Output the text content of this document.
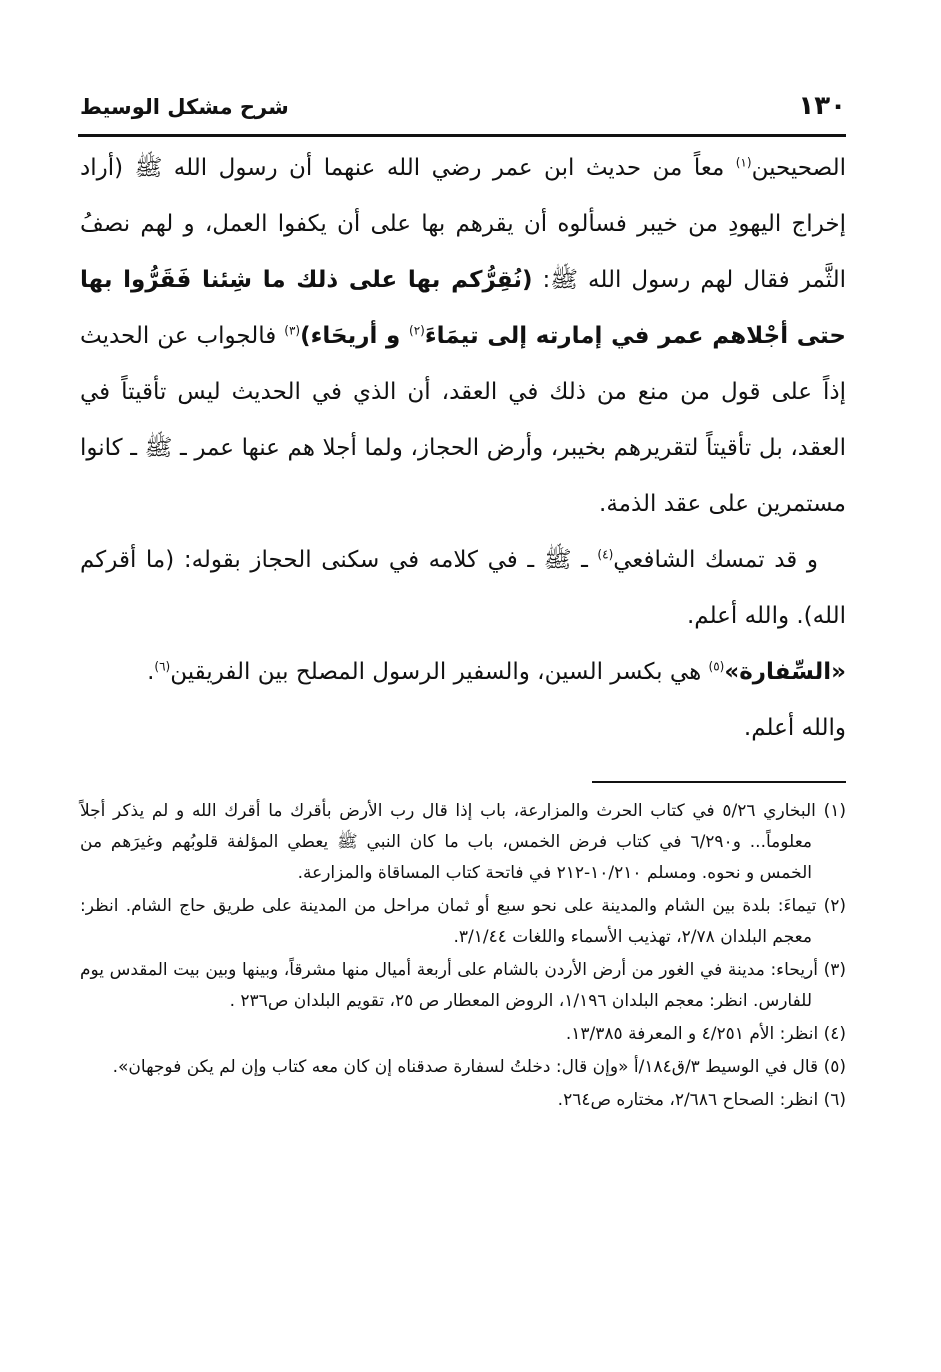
شرح مشكل الوسيط	١٣٠

الصحيحين$^{(١)}$ معاً من حديث ابن عمر رضي الله عنهما أن رسول الله ﷺ (أراد إخراج اليهودِ من خيبر فسألوه أن يقرهم بها على أن يكفوا العمل، و لهم نصفُ الثَّمر فقال لهم رسول الله ﷺ: (نُقِرُّكم بها على ذلك ما شِئنا فَقَرُّوا بها حتى أجْلاهم عمر في إمارته إلى تيمَاءَ$^{(٢)}$ و أريحَاء)$^{(٣)}$ فالجواب عن الحديث إذاً على قول من منع من ذلك في العقد، أن الذي في الحديث ليس تأقيتاً في العقد، بل تأقيتاً لتقريرهم بخيبر، وأرض الحجاز، ولما أجلا هم عنها عمر ـ ﷺ ـ كانوا مستمرين على عقد الذمة.

و قد تمسك الشافعي$^{(٤)}$ ـ ﷺ ـ في كلامه في سكنى الحجاز بقوله: (ما أقركم الله). والله أعلم.

«السِّفارة»$^{(٥)}$ هي بكسر السين، والسفير الرسول المصلح بين الفريقين$^{(٦)}$.

والله أعلم.

(١) البخاري ٥/٢٦ في كتاب الحرث والمزارعة، باب إذا قال رب الأرض بأقرك ما أقرك الله و لم يذكر أجلاً معلوماً... و٦/٢٩٠ في كتاب فرض الخمس، باب ما كان النبي ﷺ يعطي المؤلفة قلوبُهم وغيرَهم من الخمس و نحوه. ومسلم ١٠/٢١٠-٢١٢ في فاتحة كتاب المساقاة والمزارعة.

(٢) تيماءَ: بلدة بين الشام والمدينة على نحو سبع أو ثمان مراحل من المدينة على طريق حاج الشام. انظر: معجم البلدان ٢/٧٨، تهذيب الأسماء واللغات ٣/١/٤٤.

(٣) أريحاء: مدينة في الغور من أرض الأردن بالشام على أربعة أميال منها مشرقاً، وبينها وبين بيت المقدس يوم للفارس. انظر: معجم البلدان ١/١٩٦، الروض المعطار ص ٢٥، تقويم البلدان ص٢٣٦ .

(٤) انظر: الأم ٤/٢٥١ و المعرفة ١٣/٣٨٥.

(٥) قال في الوسيط ٣/ق١٨٤/أ «وإن قال: دخلتُ لسفارة صدقناه إن كان معه كتاب وإن لم يكن فوجهان».

(٦) انظر: الصحاح ٢/٦٨٦، مختاره ص٢٦٤.
